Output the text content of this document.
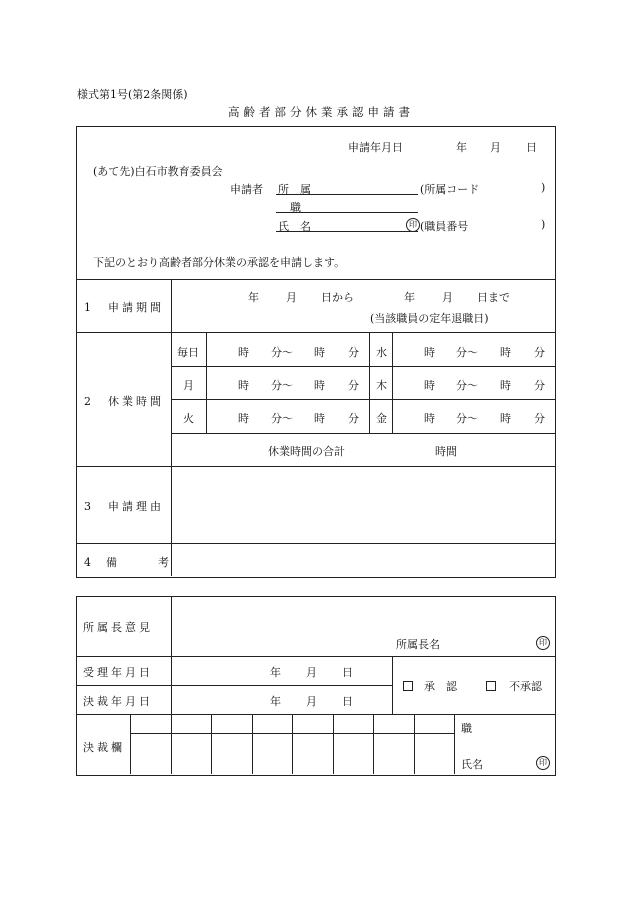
様式第1号(第2条関係)
高齢者部分休業承認申請書
申請年月日	年 月 日
(あて先)白石市教育委員会
申請者 所　属	(所属コード	)
職
氏　名	印 (職員番号	)
下記のとおり高齢者部分休業の承認を申請します。
1　申請期間
年 月 日から	年 月 日まで
(当該職員の定年退職日)
2　休業時間
毎日	時 分〜 時 分 水	時 分〜 時 分
月	時 分〜 時 分 木	時 分〜 時 分
火	時 分〜 時 分 金	時 分〜 時 分
休業時間の合計	時間
3　申請理由
4　備　　　考
所属長意見
所属長名	印
受理年月日	年 月 日
決裁年月日	年 月 日
承　認	不承認
決裁欄
職
氏名	印
